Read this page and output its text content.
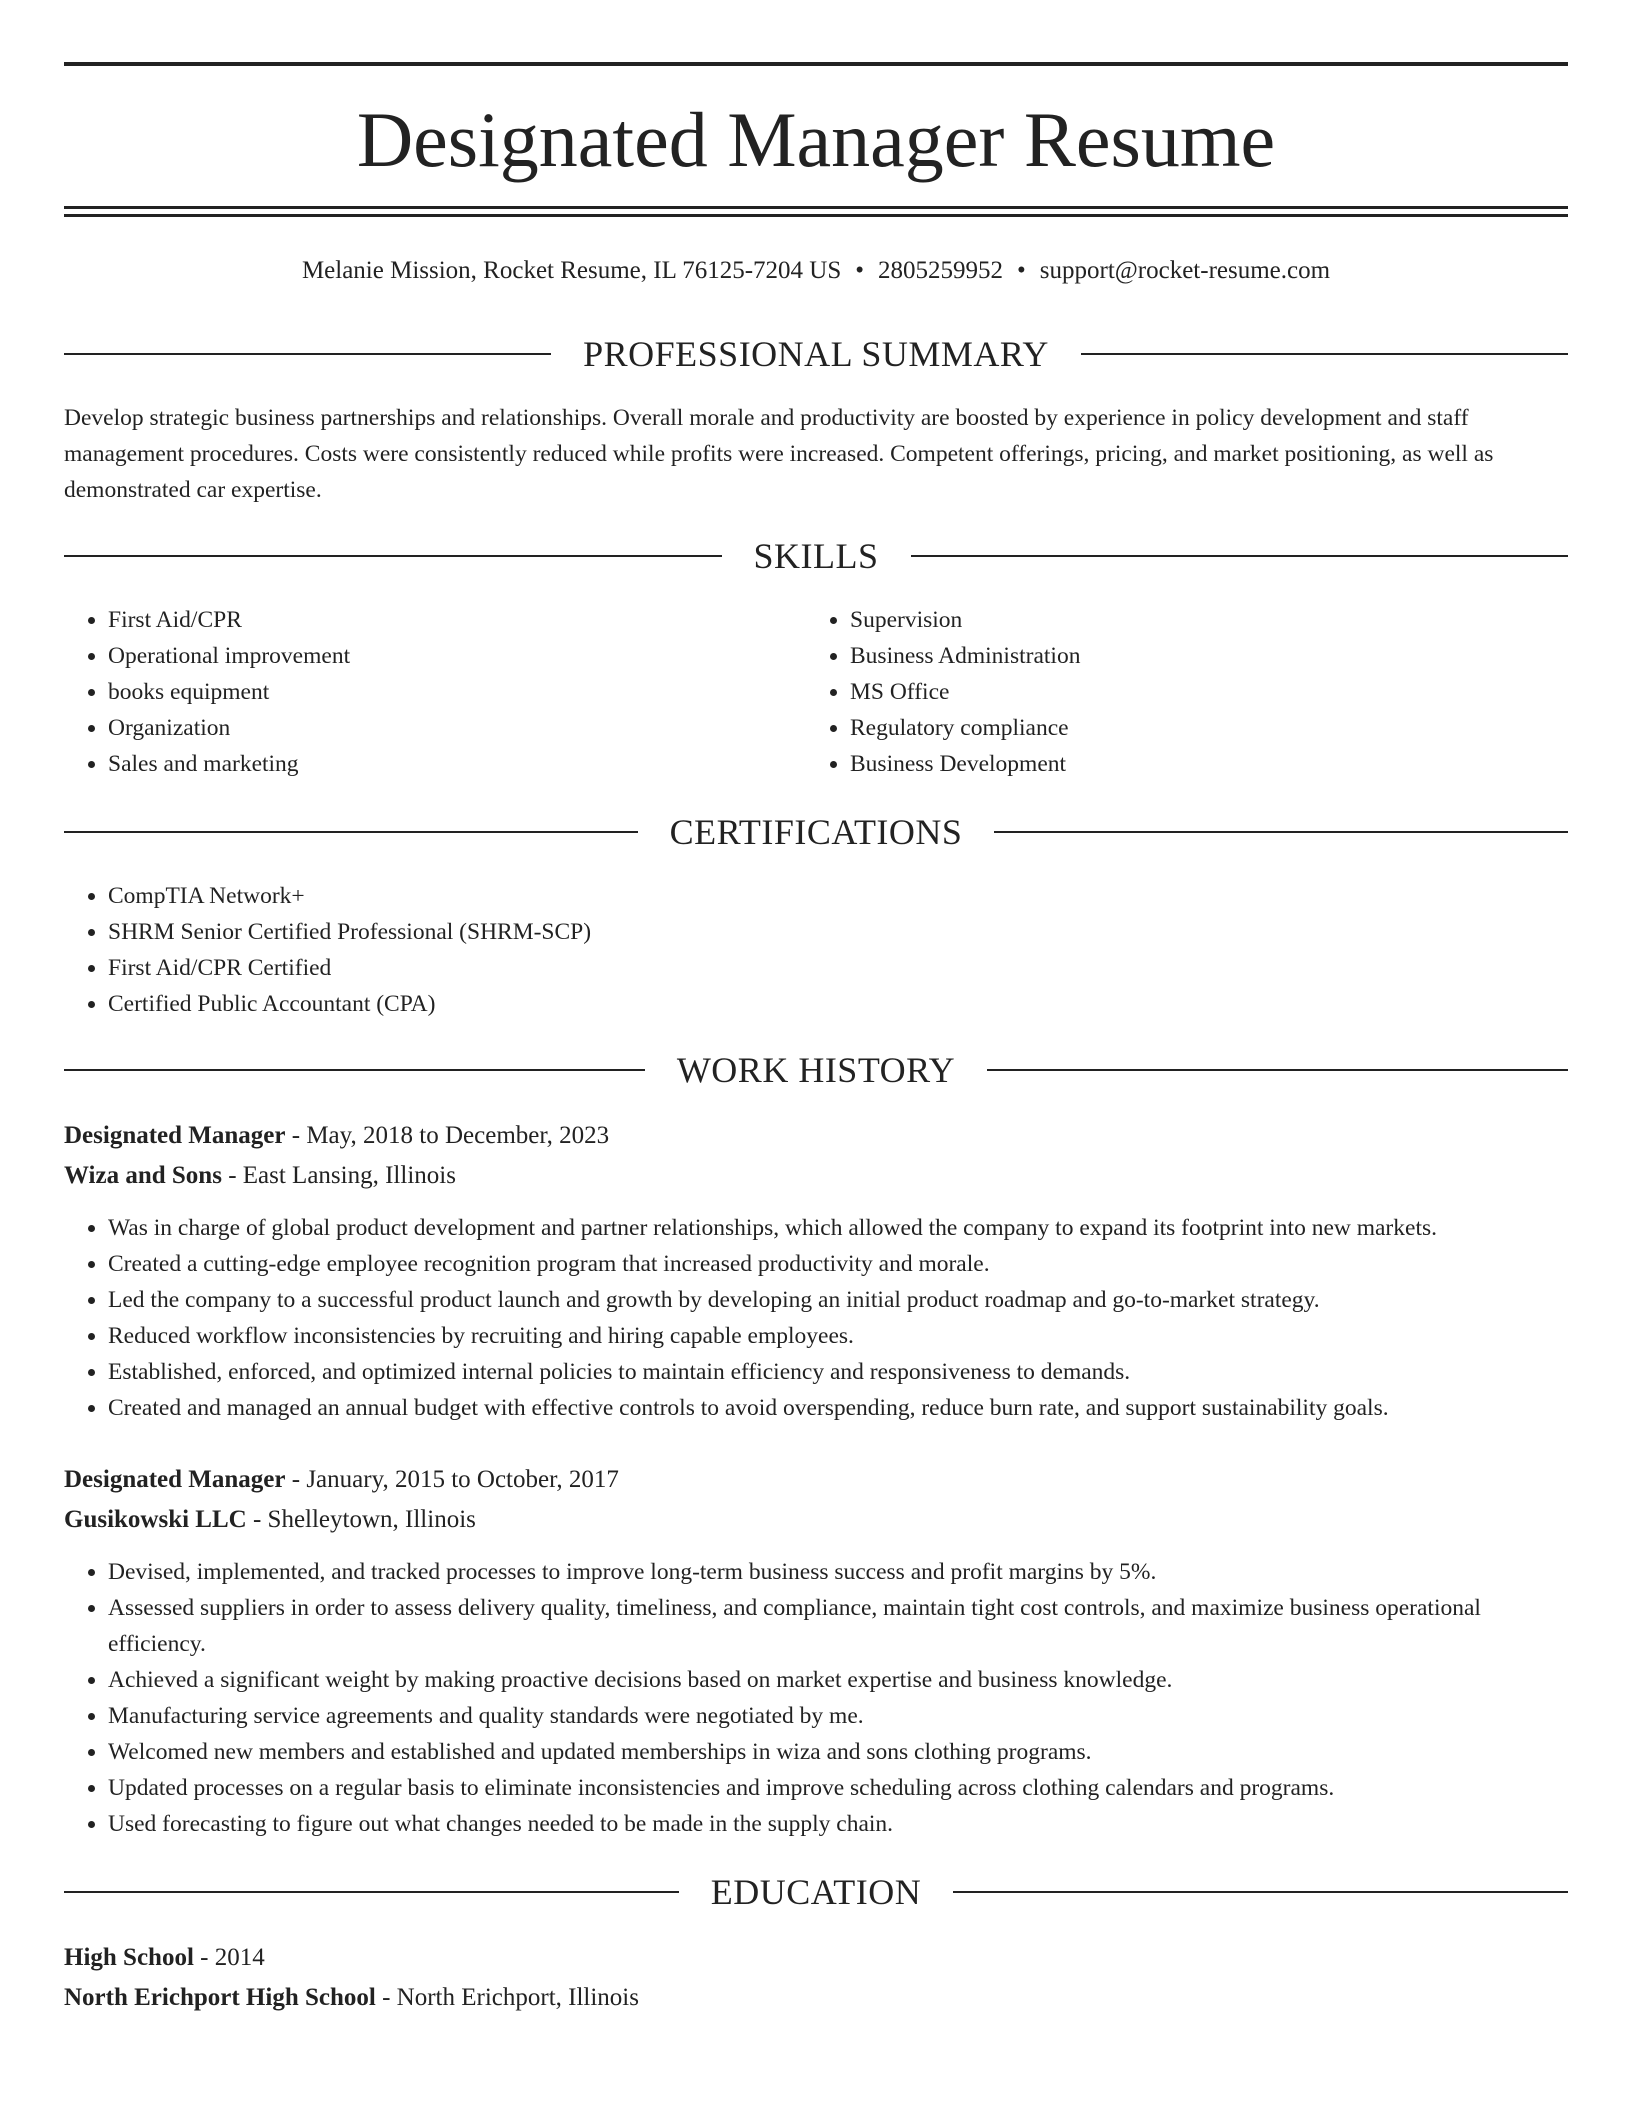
Designated Manager Resume
Melanie Mission, Rocket Resume, IL 76125-7204 US • 2805259952 • support@rocket-resume.com
PROFESSIONAL SUMMARY
Develop strategic business partnerships and relationships. Overall morale and productivity are boosted by experience in policy development and staff management procedures. Costs were consistently reduced while profits were increased. Competent offerings, pricing, and market positioning, as well as demonstrated car expertise.
SKILLS
• First Aid/CPR
• Operational improvement
• books equipment
• Organization
• Sales and marketing
• Supervision
• Business Administration
• MS Office
• Regulatory compliance
• Business Development
CERTIFICATIONS
• CompTIA Network+
• SHRM Senior Certified Professional (SHRM-SCP)
• First Aid/CPR Certified
• Certified Public Accountant (CPA)
WORK HISTORY
Designated Manager - May, 2018 to December, 2023
Wiza and Sons - East Lansing, Illinois
• Was in charge of global product development and partner relationships, which allowed the company to expand its footprint into new markets.
• Created a cutting-edge employee recognition program that increased productivity and morale.
• Led the company to a successful product launch and growth by developing an initial product roadmap and go-to-market strategy.
• Reduced workflow inconsistencies by recruiting and hiring capable employees.
• Established, enforced, and optimized internal policies to maintain efficiency and responsiveness to demands.
• Created and managed an annual budget with effective controls to avoid overspending, reduce burn rate, and support sustainability goals.
Designated Manager - January, 2015 to October, 2017
Gusikowski LLC - Shelleytown, Illinois
• Devised, implemented, and tracked processes to improve long-term business success and profit margins by 5%.
• Assessed suppliers in order to assess delivery quality, timeliness, and compliance, maintain tight cost controls, and maximize business operational efficiency.
• Achieved a significant weight by making proactive decisions based on market expertise and business knowledge.
• Manufacturing service agreements and quality standards were negotiated by me.
• Welcomed new members and established and updated memberships in wiza and sons clothing programs.
• Updated processes on a regular basis to eliminate inconsistencies and improve scheduling across clothing calendars and programs.
• Used forecasting to figure out what changes needed to be made in the supply chain.
EDUCATION
High School - 2014
North Erichport High School - North Erichport, Illinois
